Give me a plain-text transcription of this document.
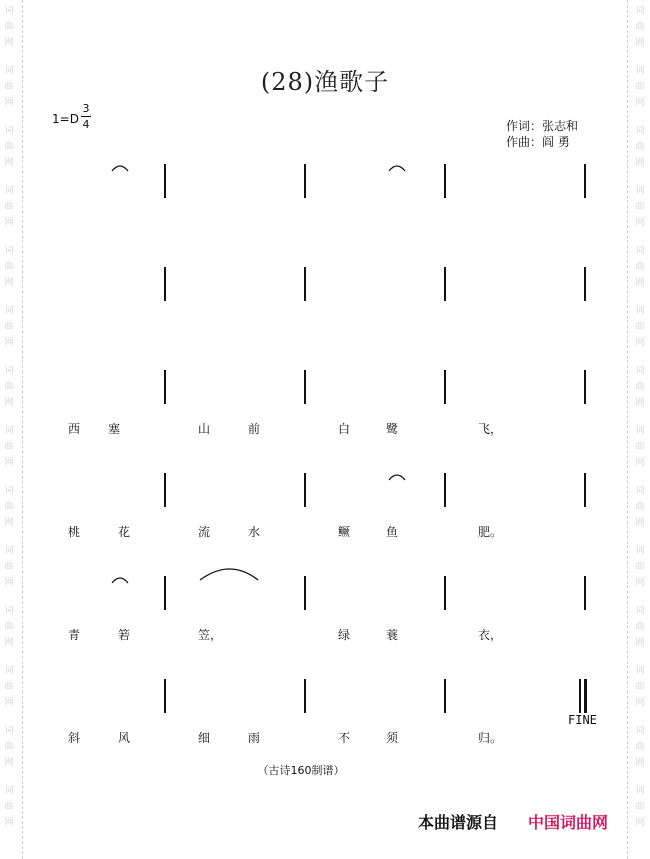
词
曲
网
词
曲
网
词
曲
网
词
曲
网
词
曲
网
词
曲
网
词
曲
网
词
曲
网
词
曲
网
词
曲
网
词
曲
网
词
曲
网
词
曲
网
词
曲
网
词
曲
网
词
曲
网
词
曲
网
词
曲
网
词
曲
网
词
曲
网
词
曲
网
词
曲
网
词
曲
网
词
曲
网
词
曲
网
词
曲
网
词
曲
网
词
曲
网
(28)渔歌子
1=D
3
4	作词：张志和
作曲：阎 勇
西 塞	山	前	白	鹭	飞，
桃	花	流	水	鳜	鱼	肥。
青	箬	笠，	绿	蓑	衣，
斜	风	细	雨	不	须	归。
FINE
（古诗160制谱）
本曲谱源自 中国词曲网
